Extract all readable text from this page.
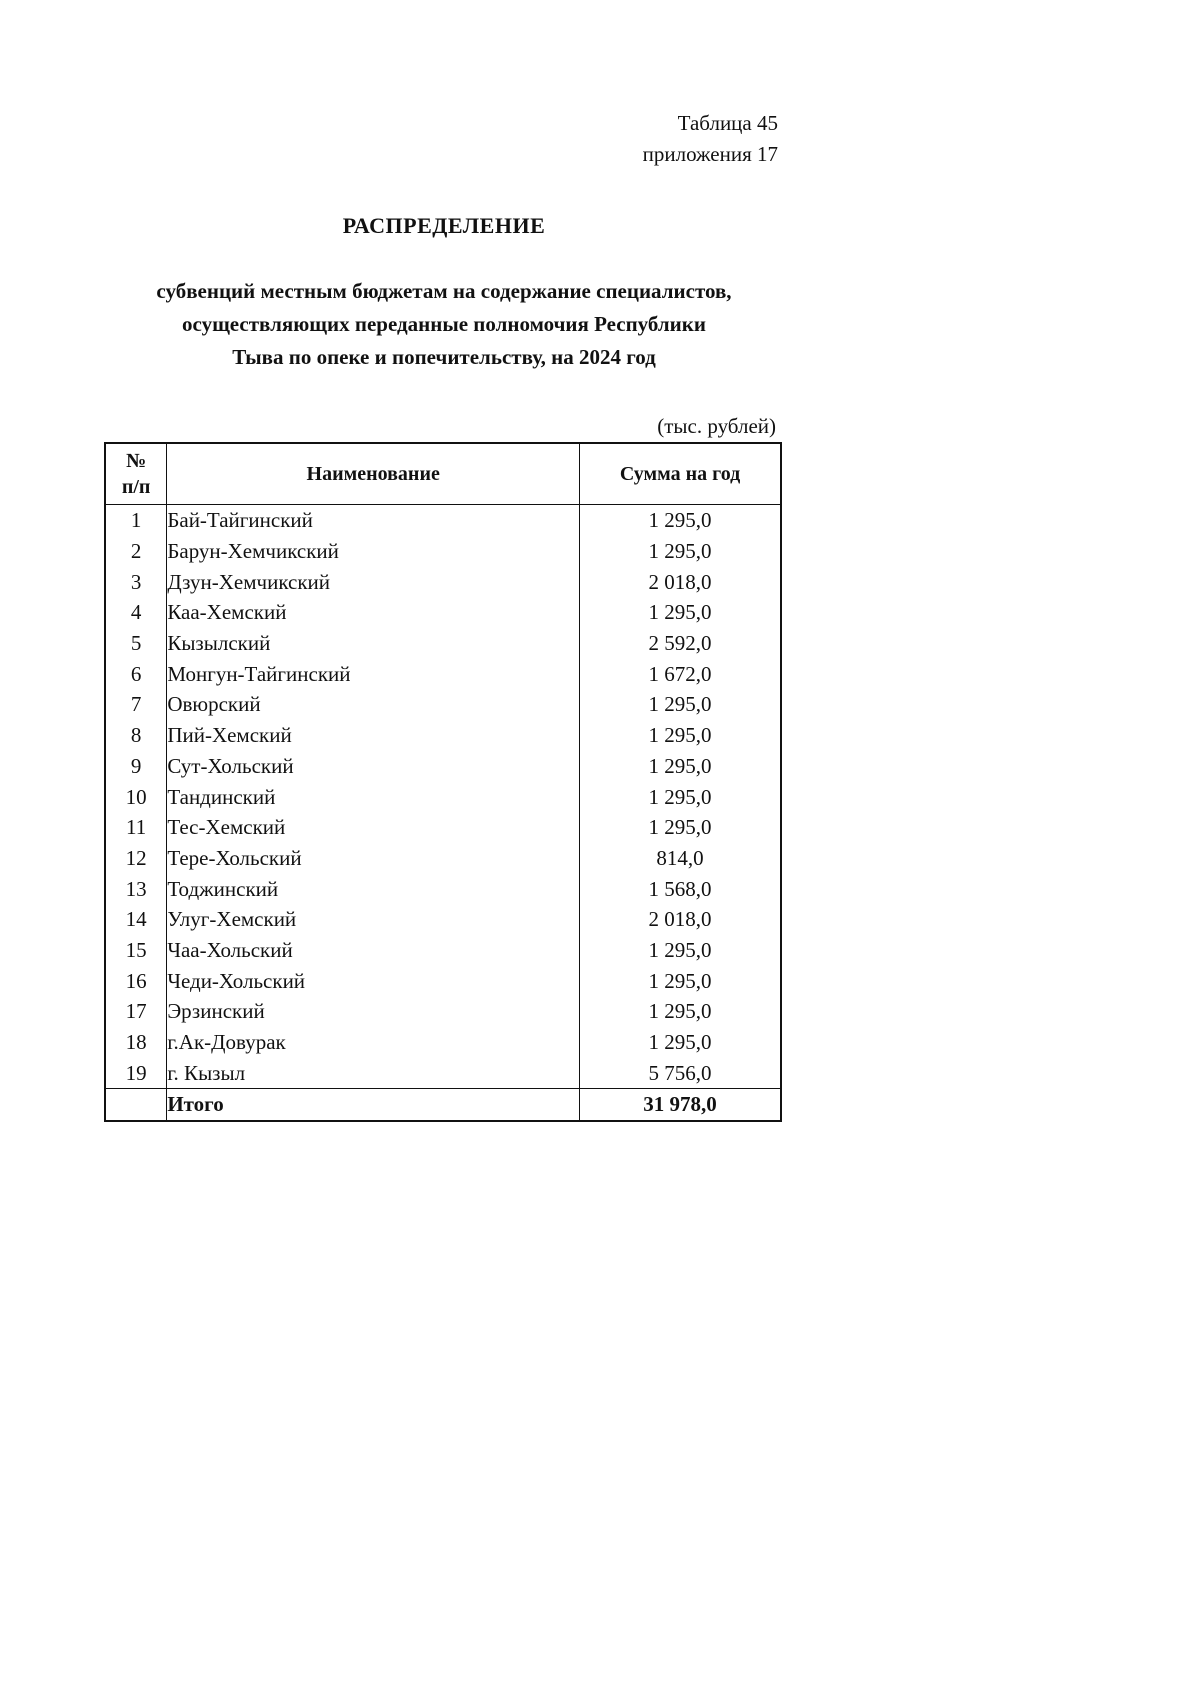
Таблица 45
приложения 17
РАСПРЕДЕЛЕНИЕ
субвенций местным бюджетам на содержание специалистов,
осуществляющих переданные полномочия Республики
Тыва по опеке и попечительству, на 2024 год
(тыс. рублей)
№
п/п	Наименование	Сумма на год
1	Бай-Тайгинский	1 295,0
2	Барун-Хемчикский	1 295,0
3	Дзун-Хемчикский	2 018,0
4	Каа-Хемский	1 295,0
5	Кызылский	2 592,0
6	Монгун-Тайгинский	1 672,0
7	Овюрский	1 295,0
8	Пий-Хемский	1 295,0
9	Сут-Хольский	1 295,0
10	Тандинский	1 295,0
11	Тес-Хемский	1 295,0
12	Тере-Хольский	814,0
13	Тоджинский	1 568,0
14	Улуг-Хемский	2 018,0
15	Чаа-Хольский	1 295,0
16	Чеди-Хольский	1 295,0
17	Эрзинский	1 295,0
18	г.Ак-Довурак	1 295,0
19	г. Кызыл	5 756,0
	Итого	31 978,0
